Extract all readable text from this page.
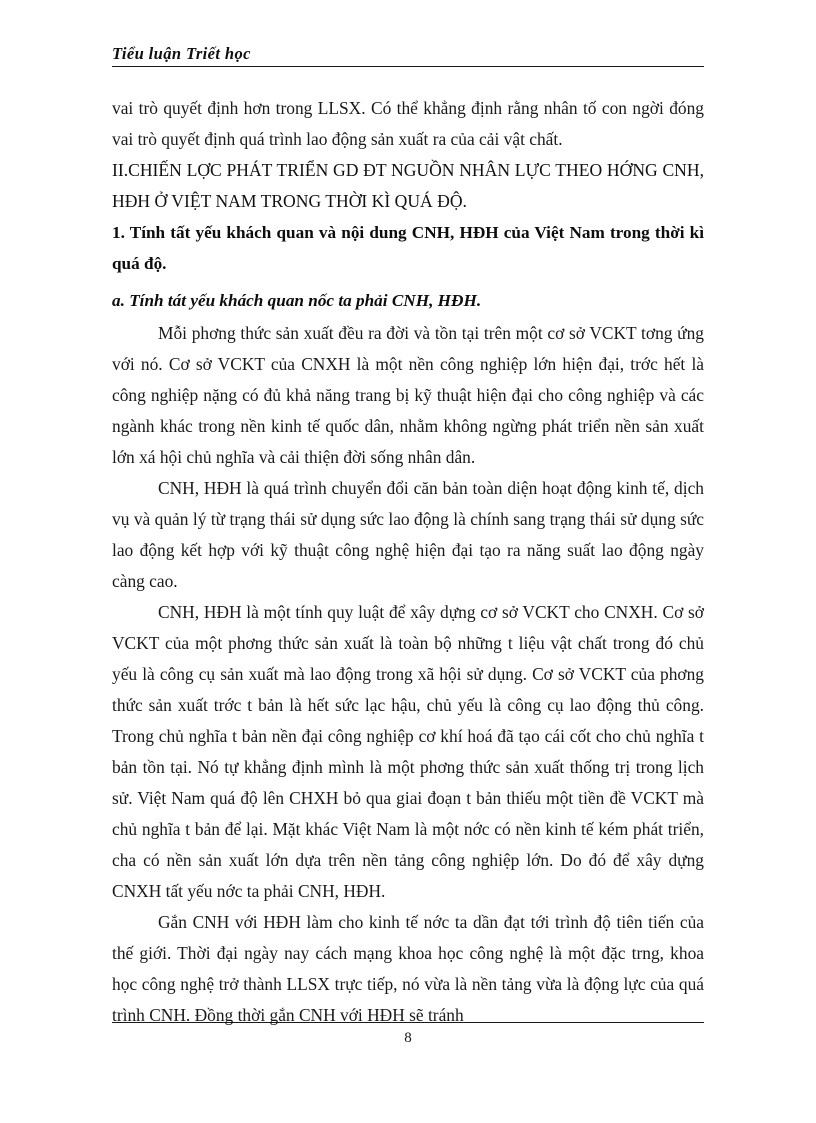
Tiểu luận Triết học

vai trò quyết định hơn trong LLSX. Có thể khẳng định rằng nhân tố con ngời đóng vai trò quyết định quá trình lao động sản xuất ra của cải vật chất.

II.CHIẾN LỢC PHÁT TRIỂN GD ĐT NGUỒN NHÂN LỰC THEO HỚNG CNH, HĐH Ở VIỆT NAM TRONG THỜI KÌ QUÁ ĐỘ.
1. Tính tất yếu khách quan và nội dung CNH, HĐH của Việt Nam trong thời kì quá độ.
a. Tính tát yếu khách quan nốc ta phải CNH, HĐH.

Mỗi phơng thức sản xuất đều ra đời và tồn tại trên một cơ sở VCKT tơng ứng với nó. Cơ sở VCKT của CNXH là một nền công nghiệp lớn hiện đại, trớc hết là công nghiệp nặng có đủ khả năng trang bị kỹ thuật hiện đại cho công nghiệp và các ngành khác trong nền kinh tế quốc dân, nhằm không ngừng phát triển nền sản xuất lớn xá hội chủ nghĩa và cải thiện đời sống nhân dân.

CNH, HĐH là quá trình chuyển đổi căn bản toàn diện hoạt động kinh tế, dịch vụ và quản lý từ trạng thái sử dụng sức lao động là chính sang trạng thái sử dụng sức lao động kết hợp với kỹ thuật công nghệ hiện đại tạo ra năng suất lao động ngày càng cao.

CNH, HĐH là một tính quy luật để xây dựng cơ sở VCKT cho CNXH. Cơ sở VCKT của một phơng thức sản xuất là toàn bộ những t liệu vật chất trong đó chủ yếu là công cụ sản xuất mà lao động trong xã hội sử dụng. Cơ sở VCKT của phơng thức sản xuất trớc t bản là hết sức lạc hậu, chủ yếu là công cụ lao động thủ công. Trong chủ nghĩa t bản nền đại công nghiệp cơ khí hoá đã tạo cái cốt cho chủ nghĩa t bản tồn tại. Nó tự khẳng định mình là một phơng thức sản xuất thống trị trong lịch sử. Việt Nam quá độ lên CHXH bỏ qua giai đoạn t bản thiếu một tiền đề VCKT mà chủ nghĩa t bản để lại. Mặt khác Việt Nam là một nớc có nền kinh tế kém phát triển, cha có nền sản xuất lớn dựa trên nền tảng công nghiệp lớn. Do đó để xây dựng CNXH tất yếu nớc ta phải CNH, HĐH.

Gắn CNH với HĐH làm cho kinh tế nớc ta dần đạt tới trình độ tiên tiến của thế giới. Thời đại ngày nay cách mạng khoa học công nghệ là một đặc trng, khoa học công nghệ trở thành LLSX trực tiếp, nó vừa là nền tảng vừa là động lực của quá trình CNH. Đồng thời gắn CNH với HĐH sẽ tránh

8
